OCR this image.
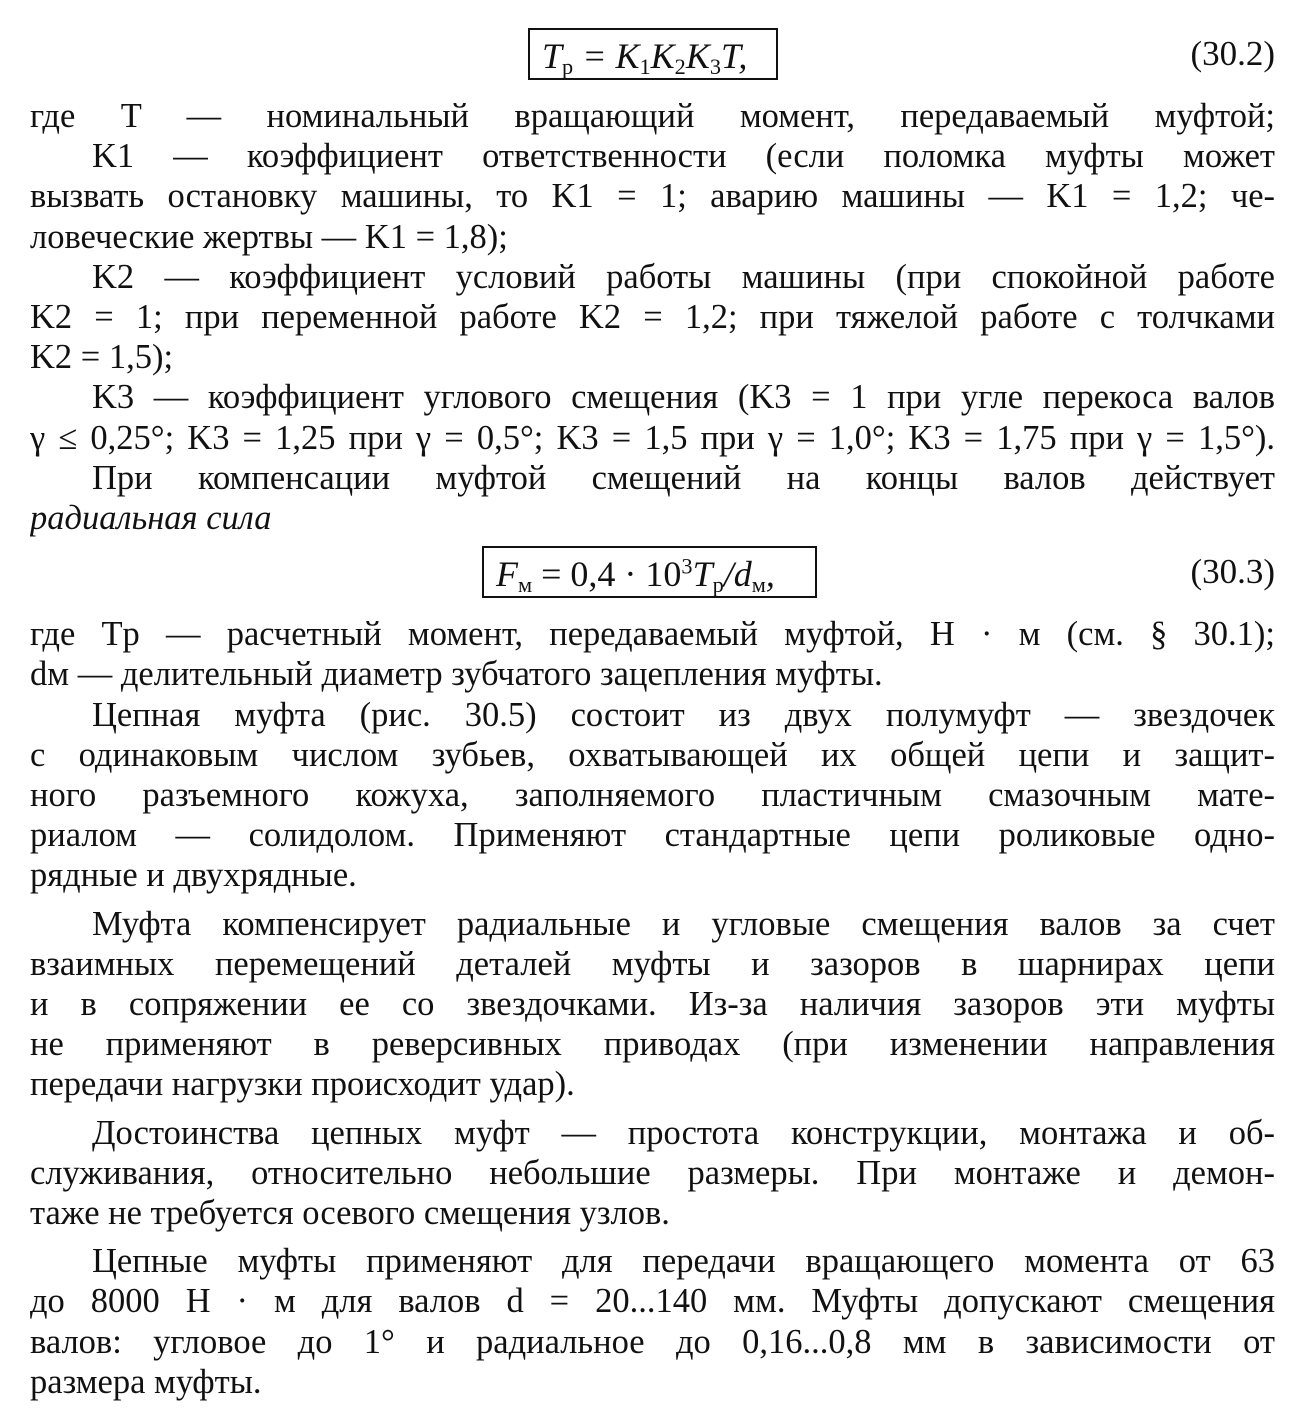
$T_р = K_1K_2K_3T$,	(30.2)
где T — номинальный вращающий момент, передаваемый муфтой;
K1 — коэффициент ответственности (если поломка муфты может
вызвать остановку машины, то K1 = 1; аварию машины — K1 = 1,2; че-
ловеческие жертвы — K1 = 1,8);
K2 — коэффициент условий работы машины (при спокойной работе
K2 = 1; при переменной работе K2 = 1,2; при тяжелой работе с толчками
K2 = 1,5);
K3 — коэффициент углового смещения (K3 = 1 при угле перекоса валов
γ ≤ 0,25°; K3 = 1,25 при γ = 0,5°; K3 = 1,5 при γ = 1,0°; K3 = 1,75 при γ = 1,5°).
При компенсации муфтой смещений на концы валов действует
радиальная сила
$F_м = 0,4 \cdot 10^3T_р/d_м$,	(30.3)
где Tр — расчетный момент, передаваемый муфтой, Н · м (см. § 30.1);
dм — делительный диаметр зубчатого зацепления муфты.
Цепная муфта (рис. 30.5) состоит из двух полумуфт — звездочек
с одинаковым числом зубьев, охватывающей их общей цепи и защит-
ного разъемного кожуха, заполняемого пластичным смазочным мате-
риалом — солидолом. Применяют стандартные цепи роликовые одно-
рядные и двухрядные.
Муфта компенсирует радиальные и угловые смещения валов за счет
взаимных перемещений деталей муфты и зазоров в шарнирах цепи
и в сопряжении ее со звездочками. Из-за наличия зазоров эти муфты
не применяют в реверсивных приводах (при изменении направления
передачи нагрузки происходит удар).
Достоинства цепных муфт — простота конструкции, монтажа и об-
служивания, относительно небольшие размеры. При монтаже и демон-
таже не требуется осевого смещения узлов.
Цепные муфты применяют для передачи вращающего момента от 63
до 8000 Н · м для валов d = 20...140 мм. Муфты допускают смещения
валов: угловое до 1° и радиальное до 0,16...0,8 мм в зависимости от
размера муфты.
